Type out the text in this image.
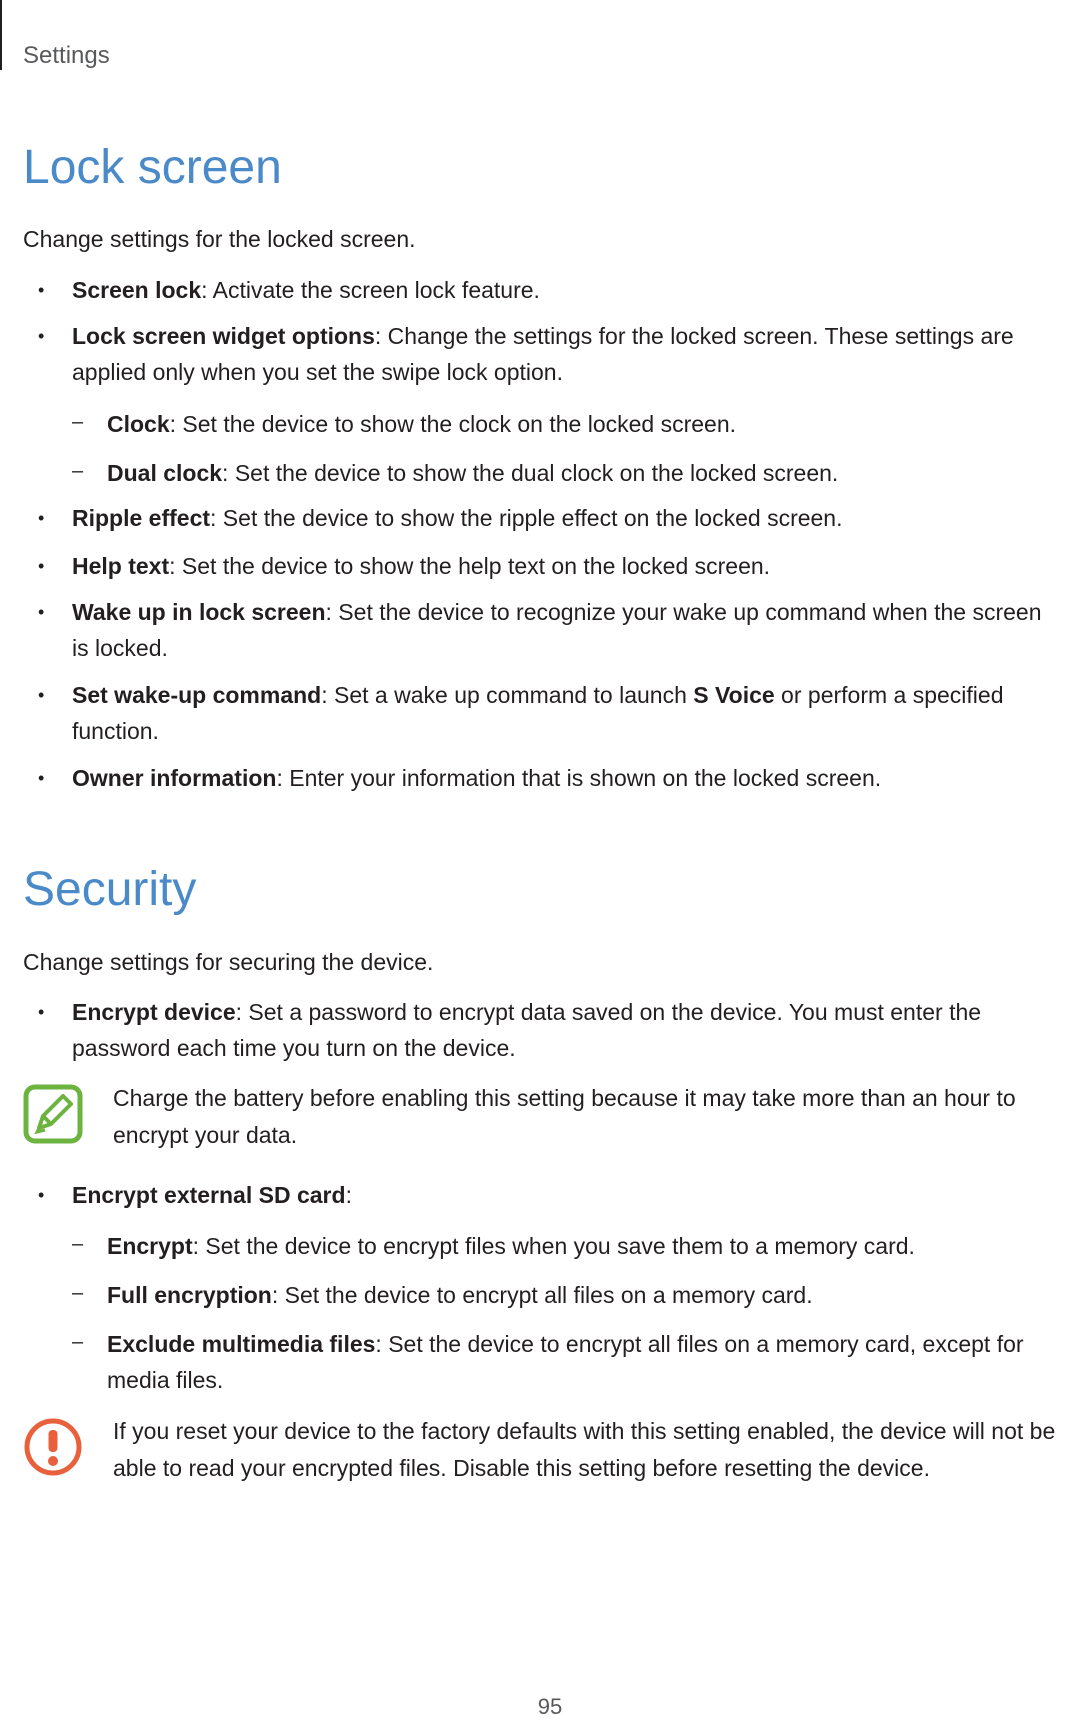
Settings
Lock screen

Change settings for the locked screen.

• Screen lock: Activate the screen lock feature.

• Lock screen widget options: Change the settings for the locked screen. These settings are applied only when you set the swipe lock option.

– Clock: Set the device to show the clock on the locked screen.

– Dual clock: Set the device to show the dual clock on the locked screen.

• Ripple effect: Set the device to show the ripple effect on the locked screen.

• Help text: Set the device to show the help text on the locked screen.

• Wake up in lock screen: Set the device to recognize your wake up command when the screen is locked.

• Set wake-up command: Set a wake up command to launch S Voice or perform a specified function.

• Owner information: Enter your information that is shown on the locked screen.

Security

Change settings for securing the device.

• Encrypt device: Set a password to encrypt data saved on the device. You must enter the password each time you turn on the device.

Charge the battery before enabling this setting because it may take more than an hour to encrypt your data.

• Encrypt external SD card:

– Encrypt: Set the device to encrypt files when you save them to a memory card.

– Full encryption: Set the device to encrypt all files on a memory card.

– Exclude multimedia files: Set the device to encrypt all files on a memory card, except for media files.

If you reset your device to the factory defaults with this setting enabled, the device will not be able to read your encrypted files. Disable this setting before resetting the device.

95
